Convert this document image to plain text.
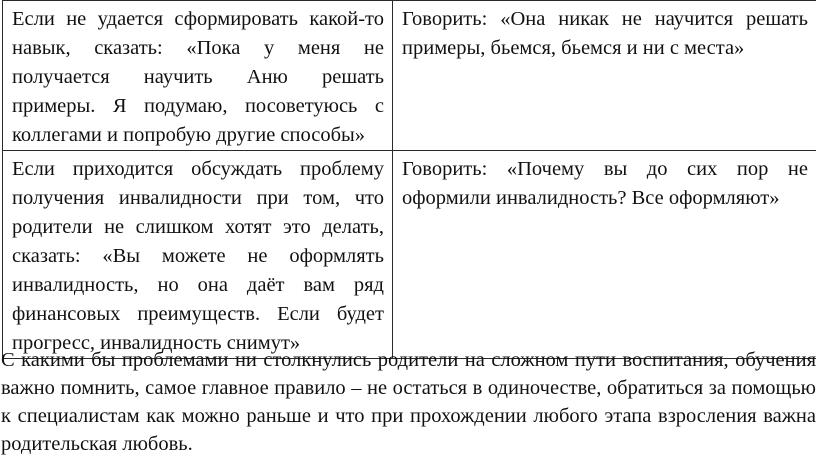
Если не удается сформировать какой-то навык, сказать: «Пока у меня не получается научить Аню решать примеры. Я подумаю, посоветуюсь с коллегами и попробую другие способы»	Говорить: «Она никак не научится решать примеры, бьемся, бьемся и ни с места»
Если приходится обсуждать проблему получения инвалидности при том, что родители не слишком хотят это делать, сказать: «Вы можете не оформлять инвалидность, но она даёт вам ряд финансовых преимуществ. Если будет прогресс, инвалидность снимут»	Говорить: «Почему вы до сих пор не оформили инвалидность? Все оформляют»

С какими бы проблемами ни столкнулись родители на сложном пути воспитания, обучения важно помнить, самое главное правило – не остаться в одиночестве, обратиться за помощью к специалистам как можно раньше и что при прохождении любого этапа взросления важна родительская любовь.
